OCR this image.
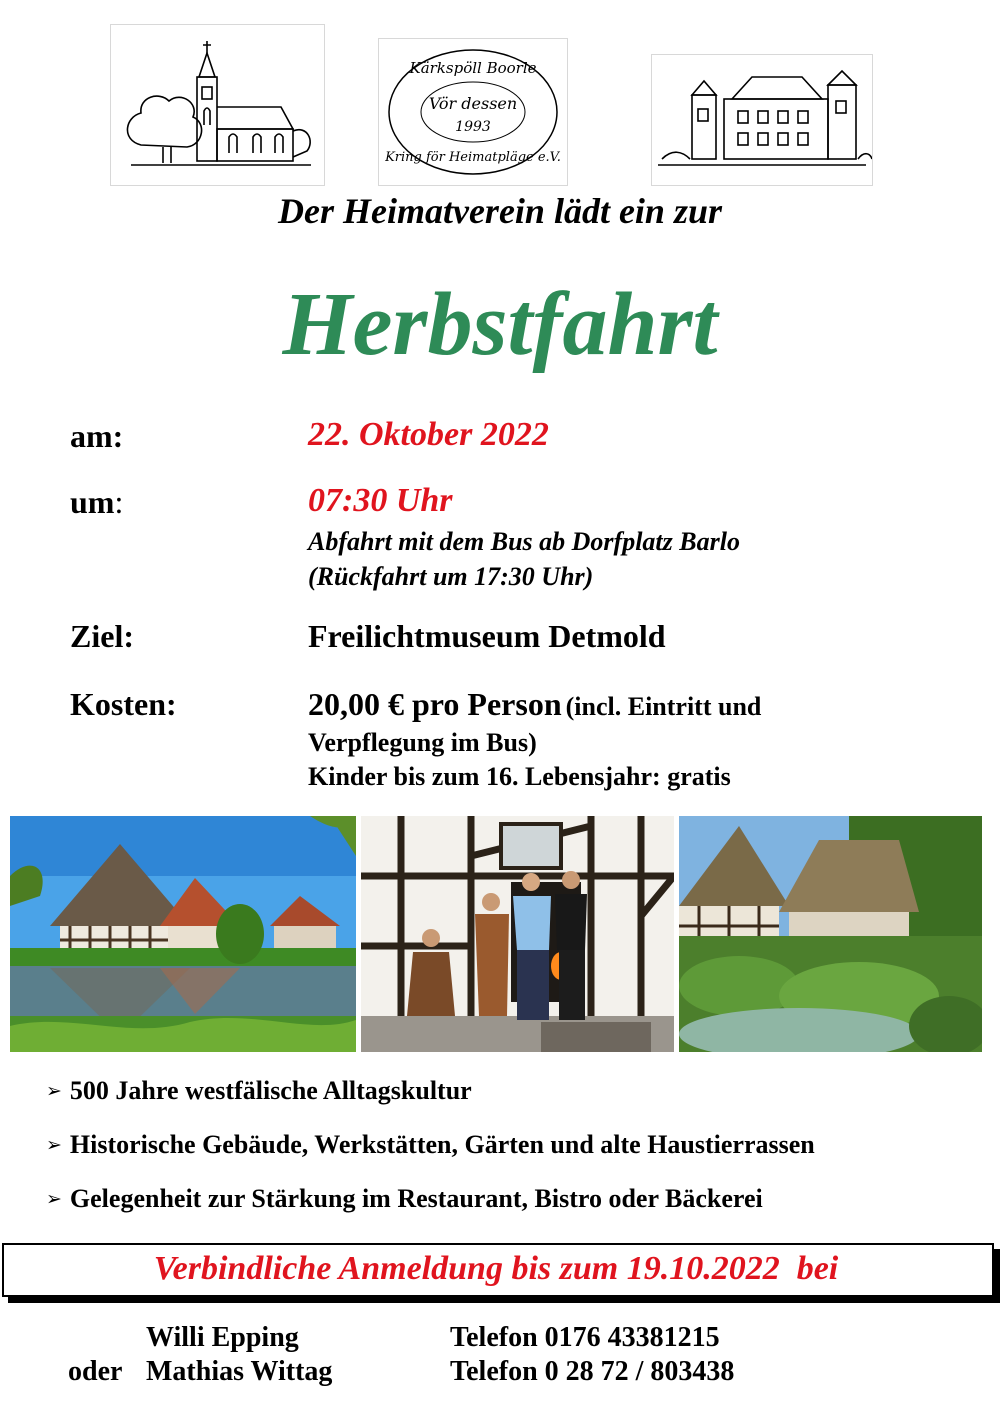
Kärkspöll Boorle
Vör dessen
1993
Kring för Heimatpläge e.V.
Der Heimatverein lädt ein zur
Herbstfahrt
am:	22. Oktober 2022
um:	07:30 Uhr
Abfahrt mit dem Bus ab Dorfplatz Barlo
(Rückfahrt um 17:30 Uhr)
Ziel:	Freilichtmuseum Detmold
Kosten:	20,00 € pro Person (incl. Eintritt und
Verpflegung im Bus)
Kinder bis zum 16. Lebensjahr: gratis
➢ 500 Jahre westfälische Alltagskultur
➢ Historische Gebäude, Werkstätten, Gärten und alte Haustierrassen
➢ Gelegenheit zur Stärkung im Restaurant, Bistro oder Bäckerei
Verbindliche Anmeldung bis zum 19.10.2022  bei
Willi Epping	Telefon 0176 43381215
oder Mathias Wittag	Telefon 0 28 72 / 803438
